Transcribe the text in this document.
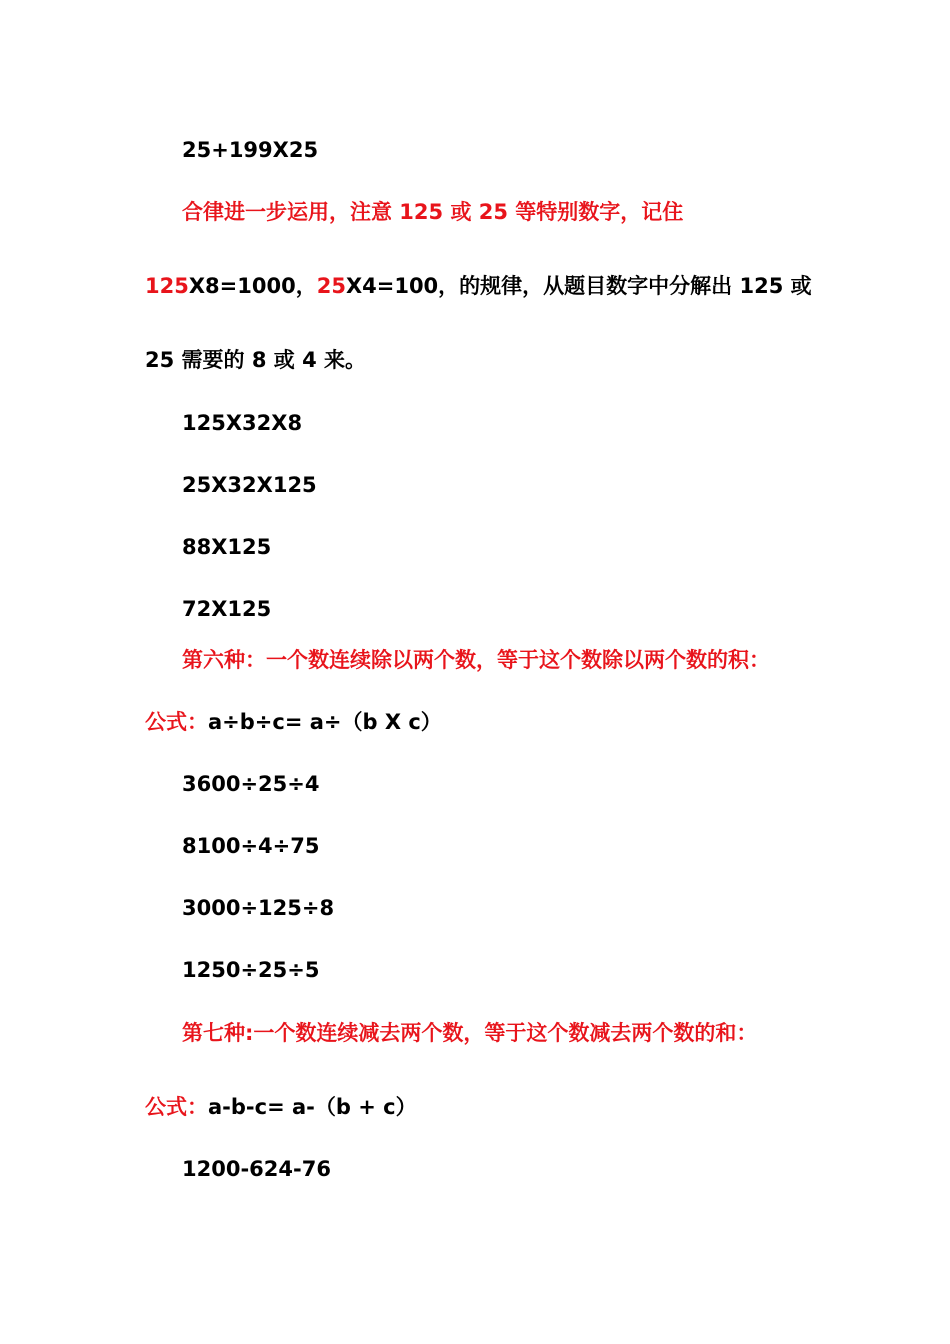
25+199X25
合律进一步运用，注意 125 或 25 等特别数字，记住
125X8=1000，25X4=100，的规律，从题目数字中分解出 125 或
25 需要的 8 或 4 来。
125X32X8
25X32X125
88X125
72X125
第六种：一个数连续除以两个数，等于这个数除以两个数的积：
公式：a÷b÷c= a÷（b X c）
3600÷25÷4
8100÷4÷75
3000÷125÷8
1250÷25÷5
第七种:一个数连续减去两个数，等于这个数减去两个数的和：
公式：a-b-c= a-（b + c）
1200-624-76
